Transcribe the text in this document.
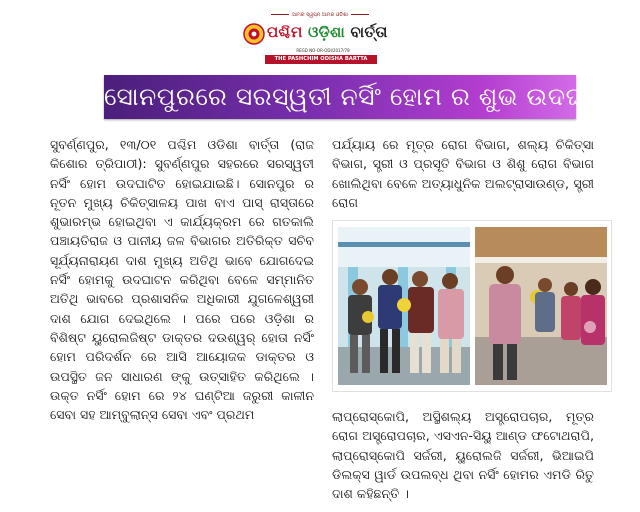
ଆମର ସ୍ୱପ୍ନ ଆମର ଓଡିଶା
ପଶ୍ଚିମ ଓଡ଼ିଶା ବାର୍ତ୍ତା
REGD NO-OR-ODI/2017/78
THE PASHCHIM ODISHA BARTTA
ସୋନପୁରରେ ସରସ୍ୱତୀ ନର୍ସିଂ ହୋମ ର ଶୁଭ ଉଦଘାଟନ
ସୁବର୍ଣ୍ଣପୁର, ୧୩/୦୧ ପଶ୍ଚିମ ଓଡିଶା ବାର୍ତ୍ତା (ରାଜ କିଶୋର ତ୍ରିପାଠୀ): ସୁବର୍ଣ୍ଣପୁର ସହରରେ ସରସ୍ୱତୀ ନର୍ସିଂ ହୋମ ଉଦଘାଟିତ ହୋଇଯାଇଛି। ସୋନପୁର ର ନୂତନ ମୁଖ୍ୟ ଚିକିତ୍ସାଳୟ ପାଖ ବାଏ ପାସ୍ ରାସ୍ତାରେ ଶୁଭାରମ୍ଭ ହୋଇଥିବା ଏ କାର୍ଯ୍ୟକ୍ରମ ରେ ଗତକାଲି ପଞ୍ଚାୟତିରାଜ ଓ ପାନୀୟ ଜଳ ବିଭାଗର ଅତିରିକ୍ତ ସଚିବ ସୂର୍ଯ୍ୟନାରାୟଣ ଦାଶ ମୁଖ୍ୟ ଅତିଥି ଭାବେ ଯୋଗଦେଇ ନର୍ସିଂ ହୋମକୁ ଉଦଘାଟନ କରିଥିବା ବେଳେ ସମ୍ମାନିତ ଅତିଥି ଭାବରେ ପ୍ରଶାସନିକ ଅଧିକାରୀ ଯୁଗଳେଶ୍ୱରୀ ଦାଶ ଯୋଗ ଦେଇଥିଲେ । ପରେ ପରେ ଓଡ଼ିଶା ର ବିଶିଷ୍ଟ ୟୁରୋଲଜିଷ୍ଟ ଡାକ୍ତର ଦଉଶ୍ୱର୍ ହୋତା ନର୍ସିଂ ହୋମ ପରିଦର୍ଶନ ରେ ଆସି ଆୟୋଜକ ଡାକ୍ତର ଓ ଉପସ୍ଥିତ ଜନ ସାଧାରଣ ଙ୍କୁ ଉତ୍ସାହିତ କରିଥିଲେ । ଉକ୍ତ ନର୍ସିଂ ହୋମ ରେ ୨୪ ଘଣ୍ଟିଆ ଜରୁରୀ କାଳୀନ ସେବା ସହ ଆମ୍ବୁଲାନ୍ସ ସେବା ଏବଂ ପ୍ରଥମ
ପର୍ଯ୍ୟାୟ ରେ ମୂତ୍ର ରୋଗ ବିଭାଗ, ଶଲ୍ୟ ଚିକିତ୍ସା ବିଭାଗ, ସ୍ତ୍ରୀ ଓ ପ୍ରସୂତି ବିଭାଗ ଓ ଶିଶୁ ରୋଗ ବିଭାଗ ଖୋଲିଥିବା ବେଳେ ଅତ୍ୟାଧୁନିକ ଅଲଟ୍ରାସାଉଣ୍ଡ, ସ୍ତ୍ରୀ ରୋଗ
ଲାପ୍ରୋସ୍କୋପି, ଅସ୍ଥିଶଲ୍ୟ ଅସ୍ତ୍ରୋପଚାର, ମୂତ୍ର ରୋଗ ଅସ୍ତ୍ରୋପଚାର, ଏସଏନ-ସିୟୁ ଆଣ୍ଡ ଫଟୋଥରାପି, ଲାପ୍ରୋସ୍କୋପି ସର୍ଜରୀ, ୟୁରୋଲଜି ସର୍ଜରୀ, ଭିଆଇପି ଡିଲକ୍ସ ୱାର୍ଡ ଉପଲବ୍ଧ ଥିବା ନର୍ସିଂ ହୋମର ଏମଡି ରିତୁ ଦାଶ କହିଛନ୍ତି ।
